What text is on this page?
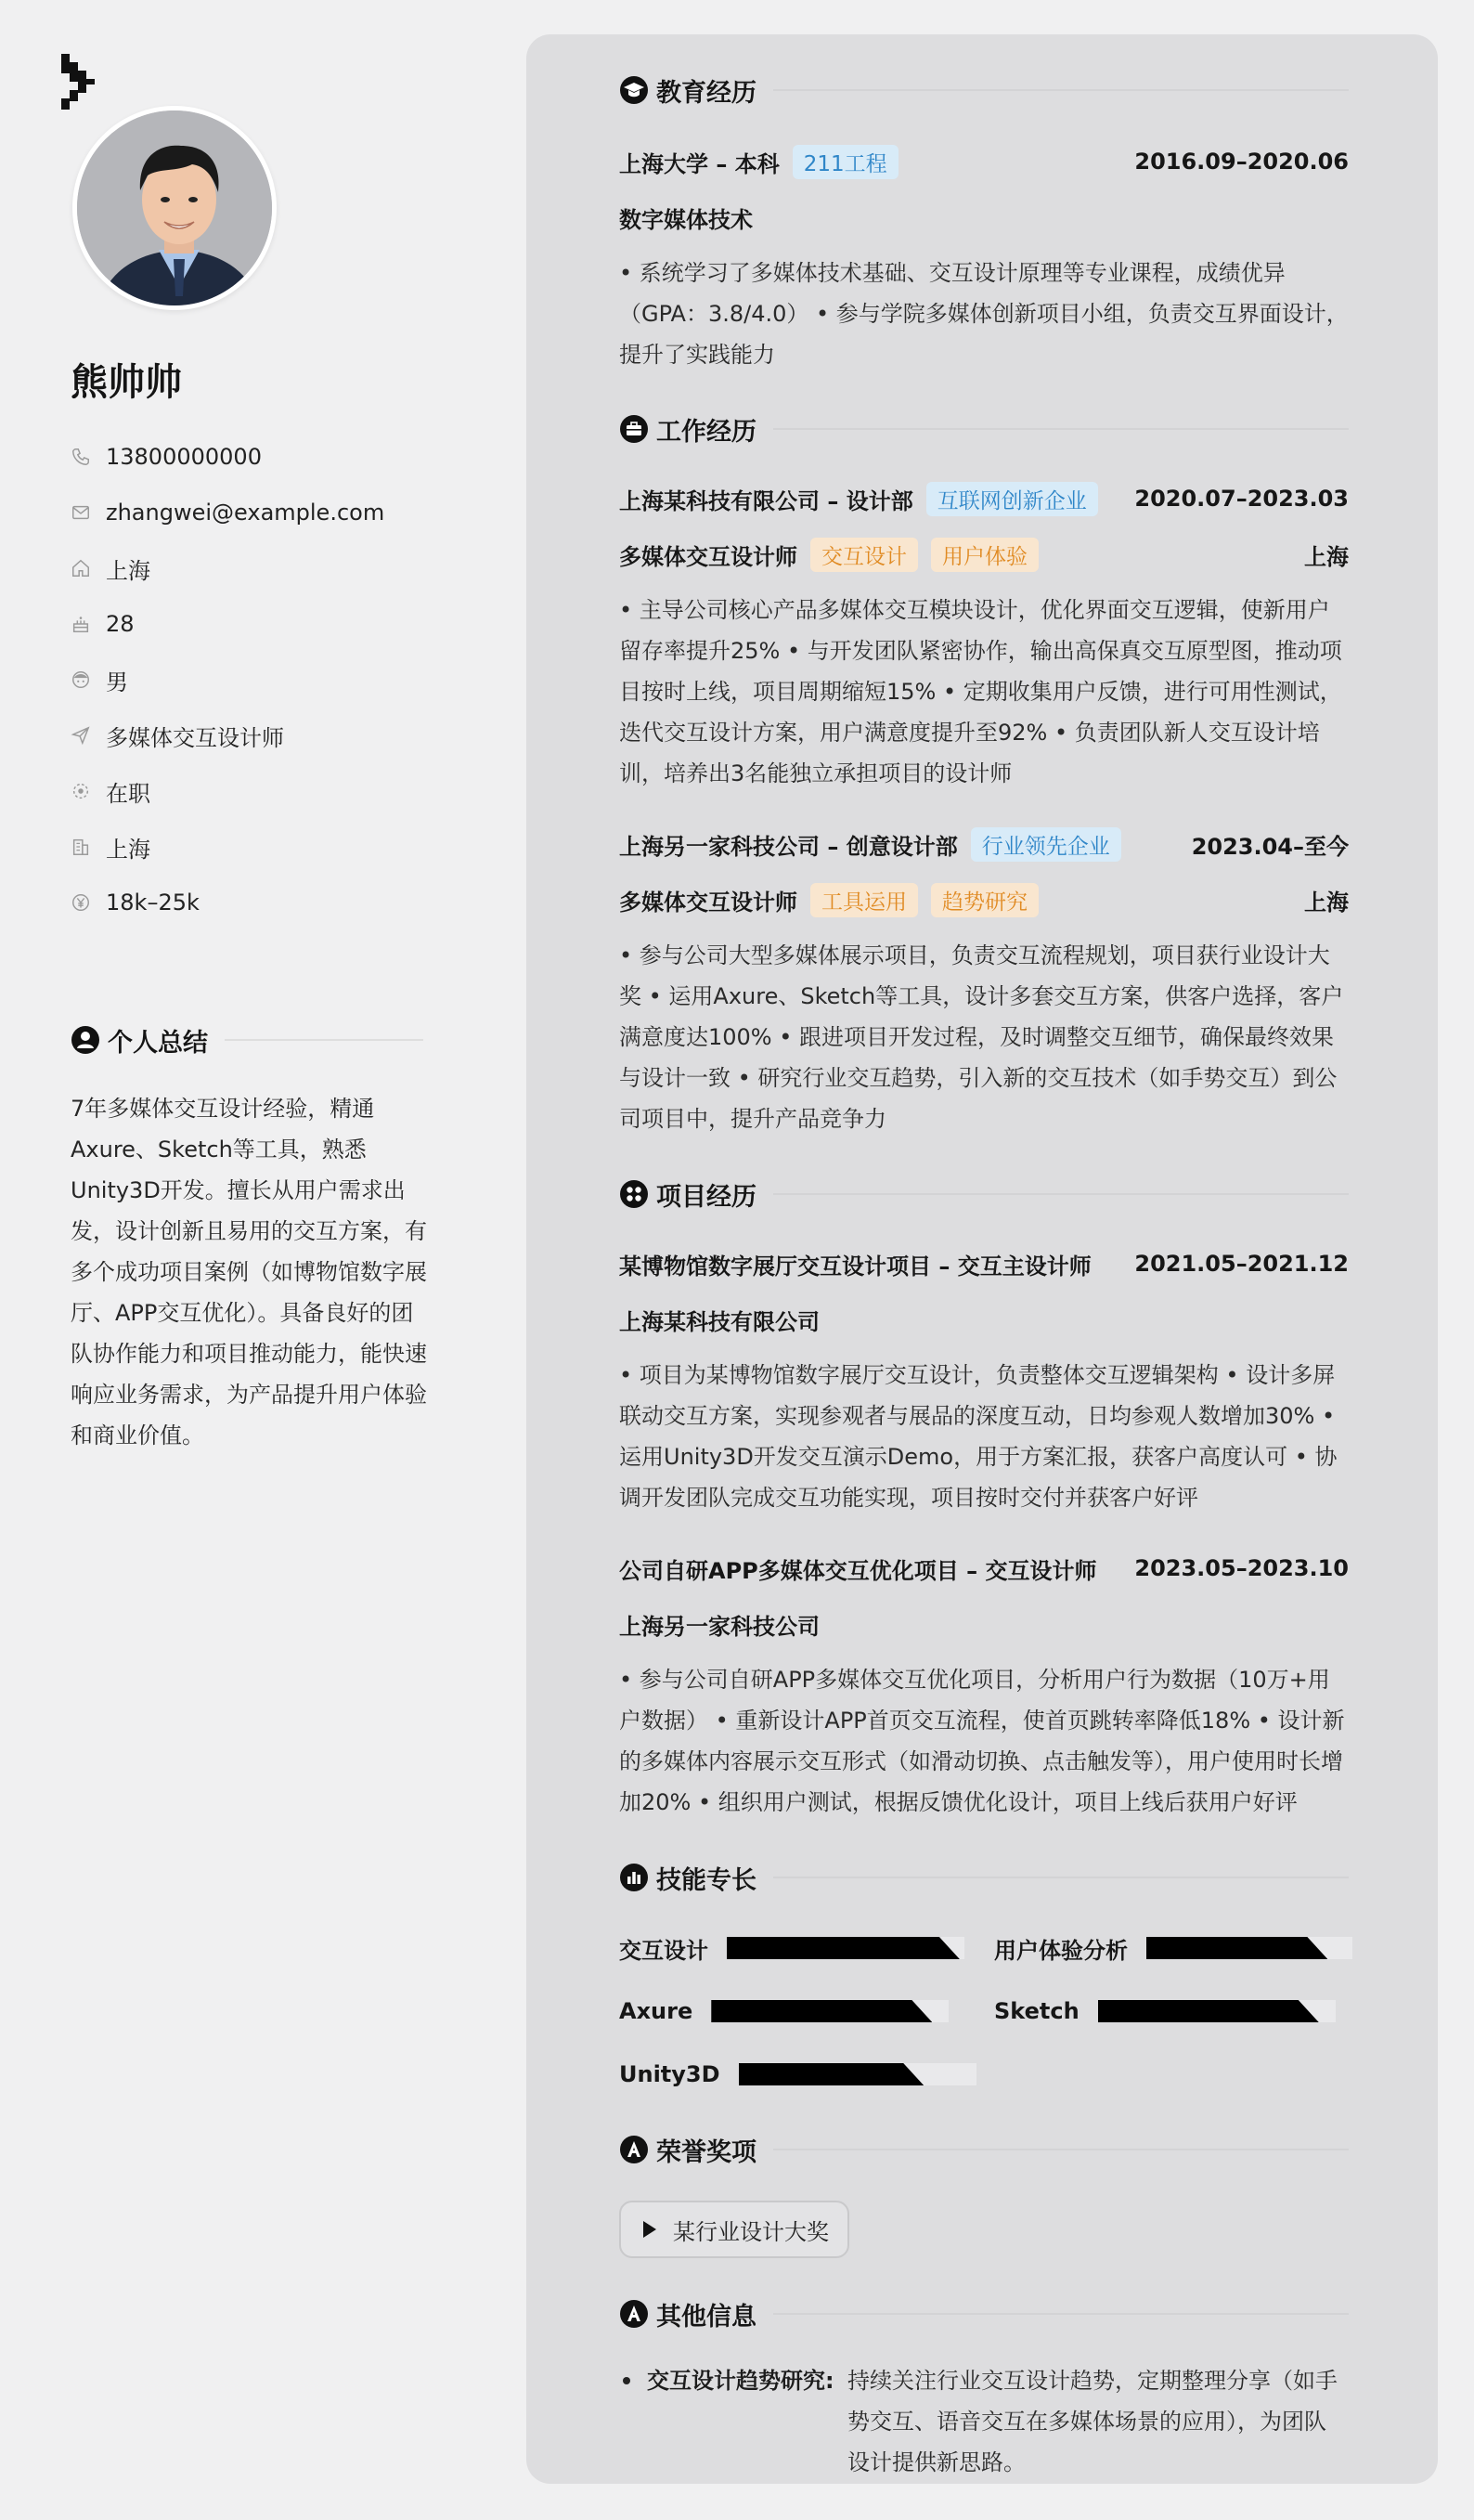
熊帅帅
13800000000
zhangwei@example.com
上海
28
男
多媒体交互设计师
在职
上海
18k–25k
个人总结
7年多媒体交互设计经验，精通Axure、Sketch等工具，熟悉Unity3D开发。擅长从用户需求出发，设计创新且易用的交互方案，有多个成功项目案例（如博物馆数字展厅、APP交互优化）。具备良好的团队协作能力和项目推动能力，能快速响应业务需求，为产品提升用户体验和商业价值。
教育经历
上海大学 – 本科	211工程	2016.09–2020.06
数字媒体技术
• 系统学习了多媒体技术基础、交互设计原理等专业课程，成绩优异（GPA：3.8/4.0） • 参与学院多媒体创新项目小组，负责交互界面设计，提升了实践能力
工作经历
上海某科技有限公司 – 设计部	互联网创新企业	2020.07–2023.03
多媒体交互设计师	交互设计	用户体验	上海
• 主导公司核心产品多媒体交互模块设计，优化界面交互逻辑，使新用户留存率提升25% • 与开发团队紧密协作，输出高保真交互原型图，推动项目按时上线，项目周期缩短15% • 定期收集用户反馈，进行可用性测试，迭代交互设计方案，用户满意度提升至92% • 负责团队新人交互设计培训，培养出3名能独立承担项目的设计师
上海另一家科技公司 – 创意设计部	行业领先企业	2023.04–至今
多媒体交互设计师	工具运用	趋势研究	上海
• 参与公司大型多媒体展示项目，负责交互流程规划，项目获行业设计大奖 • 运用Axure、Sketch等工具，设计多套交互方案，供客户选择，客户满意度达100% • 跟进项目开发过程，及时调整交互细节，确保最终效果与设计一致 • 研究行业交互趋势，引入新的交互技术（如手势交互）到公司项目中，提升产品竞争力
项目经历
某博物馆数字展厅交互设计项目 – 交互主设计师 2021.05–2021.12
上海某科技有限公司
• 项目为某博物馆数字展厅交互设计，负责整体交互逻辑架构 • 设计多屏联动交互方案，实现参观者与展品的深度互动，日均参观人数增加30% • 运用Unity3D开发交互演示Demo，用于方案汇报，获客户高度认可 • 协调开发团队完成交互功能实现，项目按时交付并获客户好评
公司自研APP多媒体交互优化项目 – 交互设计师 2023.05–2023.10
上海另一家科技公司
• 参与公司自研APP多媒体交互优化项目，分析用户行为数据（10万+用户数据） • 重新设计APP首页交互流程，使首页跳转率降低18% • 设计新的多媒体内容展示交互形式（如滑动切换、点击触发等），用户使用时长增加20% • 组织用户测试，根据反馈优化设计，项目上线后获用户好评
技能专长
交互设计	用户体验分析
Axure	Sketch
Unity3D
荣誉奖项
某行业设计大奖
其他信息
交互设计趋势研究: 持续关注行业交互设计趋势，定期整理分享（如手势交互、语音交互在多媒体场景的应用），为团队设计提供新思路。
